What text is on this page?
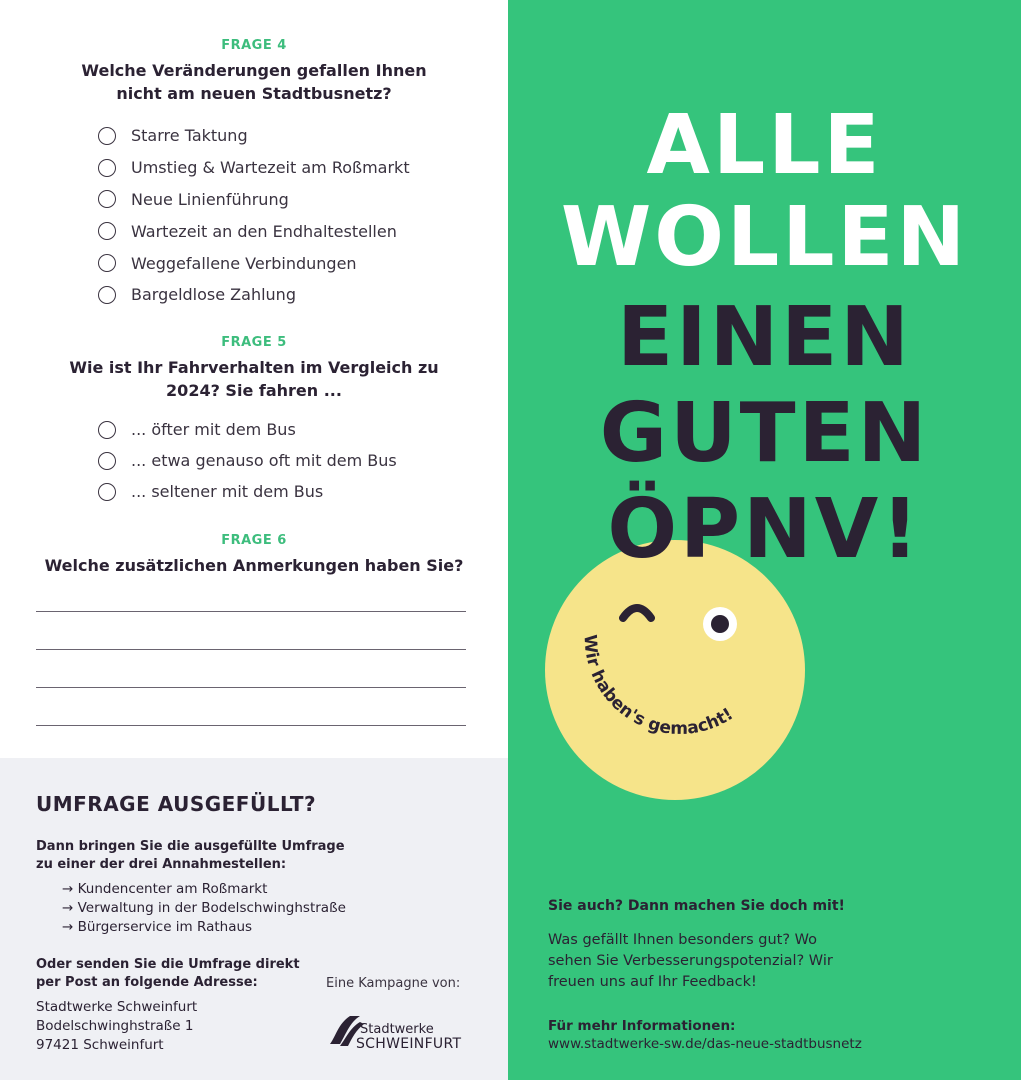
FRAGE 4
Welche Veränderungen gefallen Ihnen
nicht am neuen Stadtbusnetz?
Starre Taktung
Umstieg & Wartezeit am Roßmarkt
Neue Linienführung
Wartezeit an den Endhaltestellen
Weggefallene Verbindungen
Bargeldlose Zahlung
FRAGE 5
Wie ist Ihr Fahrverhalten im Vergleich zu
2024? Sie fahren ...
... öfter mit dem Bus
... etwa genauso oft mit dem Bus
... seltener mit dem Bus
FRAGE 6
Welche zusätzlichen Anmerkungen haben Sie?
UMFRAGE AUSGEFÜLLT?
Dann bringen Sie die ausgefüllte Umfrage
zu einer der drei Annahmestellen:
→ Kundencenter am Roßmarkt
→ Verwaltung in der Bodelschwinghstraße
→ Bürgerservice im Rathaus
Oder senden Sie die Umfrage direkt
per Post an folgende Adresse:
Stadtwerke Schweinfurt
Bodelschwinghstraße 1
97421 Schweinfurt
Eine Kampagne von:
Stadtwerke
SCHWEINFURT
ALLE
WOLLEN
Wir haben's gemacht!
EINEN
GUTEN
ÖPNV!
Sie auch? Dann machen Sie doch mit!
Was gefällt Ihnen besonders gut? Wo
sehen Sie Verbesserungspotenzial? Wir
freuen uns auf Ihr Feedback!
Für mehr Informationen:
www.stadtwerke-sw.de/das-neue-stadtbusnetz
